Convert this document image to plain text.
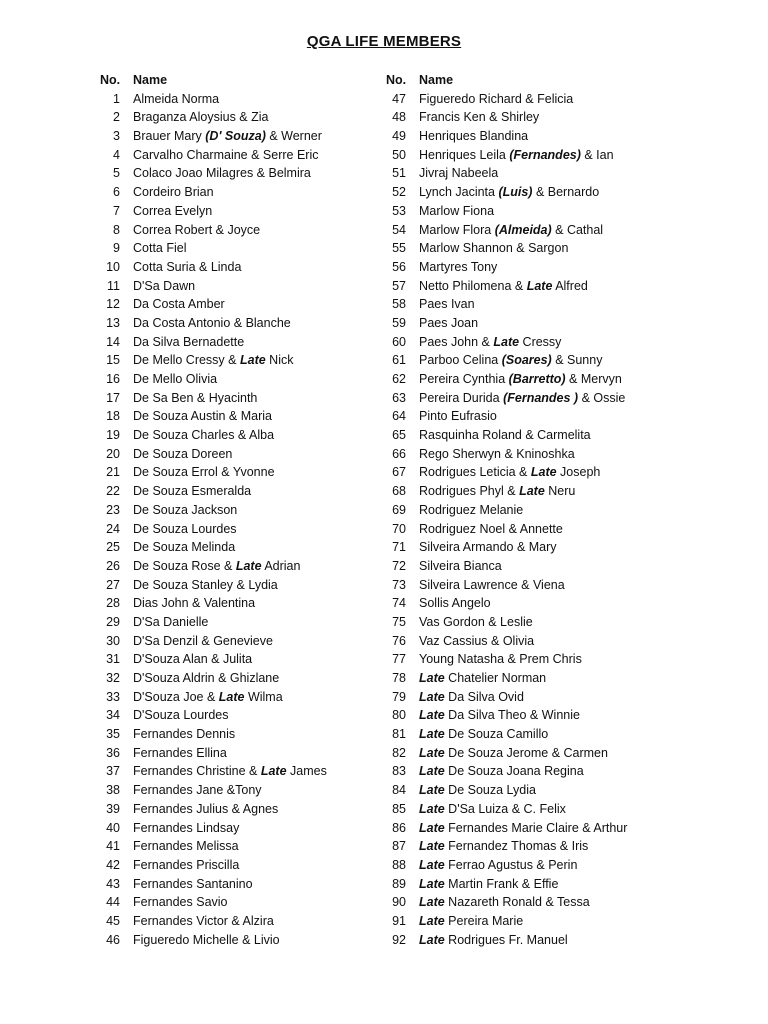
QGA LIFE MEMBERS
No.	Name
1	Almeida Norma
2	Braganza Aloysius & Zia
3	Brauer Mary (D' Souza) & Werner
4	Carvalho Charmaine & Serre Eric
5	Colaco Joao Milagres & Belmira
6	Cordeiro Brian
7	Correa Evelyn
8	Correa Robert & Joyce
9	Cotta Fiel
10	Cotta Suria & Linda
11	D'Sa Dawn
12	Da Costa Amber
13	Da Costa Antonio & Blanche
14	Da Silva Bernadette
15	De Mello Cressy & Late Nick
16	De Mello Olivia
17	De Sa Ben & Hyacinth
18	De Souza Austin & Maria
19	De Souza Charles & Alba
20	De Souza Doreen
21	De Souza Errol & Yvonne
22	De Souza Esmeralda
23	De Souza Jackson
24	De Souza Lourdes
25	De Souza Melinda
26	De Souza Rose & Late Adrian
27	De Souza Stanley & Lydia
28	Dias John & Valentina
29	D'Sa Danielle
30	D'Sa Denzil & Genevieve
31	D'Souza Alan & Julita
32	D'Souza Aldrin & Ghizlane
33	D'Souza Joe & Late Wilma
34	D'Souza Lourdes
35	Fernandes Dennis
36	Fernandes Ellina
37	Fernandes Christine & Late James
38	Fernandes Jane &Tony
39	Fernandes Julius & Agnes
40	Fernandes Lindsay
41	Fernandes Melissa
42	Fernandes Priscilla
43	Fernandes Santanino
44	Fernandes Savio
45	Fernandes Victor & Alzira
46	Figueredo Michelle & Livio
No.	Name
47	Figueredo Richard & Felicia
48	Francis Ken & Shirley
49	Henriques Blandina
50	Henriques Leila (Fernandes) & Ian
51	Jivraj Nabeela
52	Lynch Jacinta (Luis) & Bernardo
53	Marlow Fiona
54	Marlow Flora (Almeida) & Cathal
55	Marlow Shannon & Sargon
56	Martyres Tony
57	Netto Philomena & Late Alfred
58	Paes Ivan
59	Paes Joan
60	Paes John & Late Cressy
61	Parboo Celina (Soares) & Sunny
62	Pereira Cynthia (Barretto) & Mervyn
63	Pereira Durida (Fernandes ) & Ossie
64	Pinto Eufrasio
65	Rasquinha Roland & Carmelita
66	Rego Sherwyn & Kninoshka
67	Rodrigues Leticia & Late Joseph
68	Rodrigues Phyl & Late Neru
69	Rodriguez Melanie
70	Rodriguez Noel & Annette
71	Silveira Armando & Mary
72	Silveira Bianca
73	Silveira Lawrence & Viena
74	Sollis Angelo
75	Vas Gordon & Leslie
76	Vaz Cassius & Olivia
77	Young Natasha & Prem Chris
78	Late Chatelier Norman
79	Late Da Silva Ovid
80	Late Da Silva Theo & Winnie
81	Late De Souza Camillo
82	Late De Souza Jerome & Carmen
83	Late De Souza Joana Regina
84	Late De Souza Lydia
85	Late D'Sa Luiza & C. Felix
86	Late Fernandes Marie Claire & Arthur
87	Late Fernandez Thomas & Iris
88	Late Ferrao Agustus & Perin
89	Late Martin Frank & Effie
90	Late Nazareth Ronald & Tessa
91	Late Pereira Marie
92	Late Rodrigues Fr. Manuel
